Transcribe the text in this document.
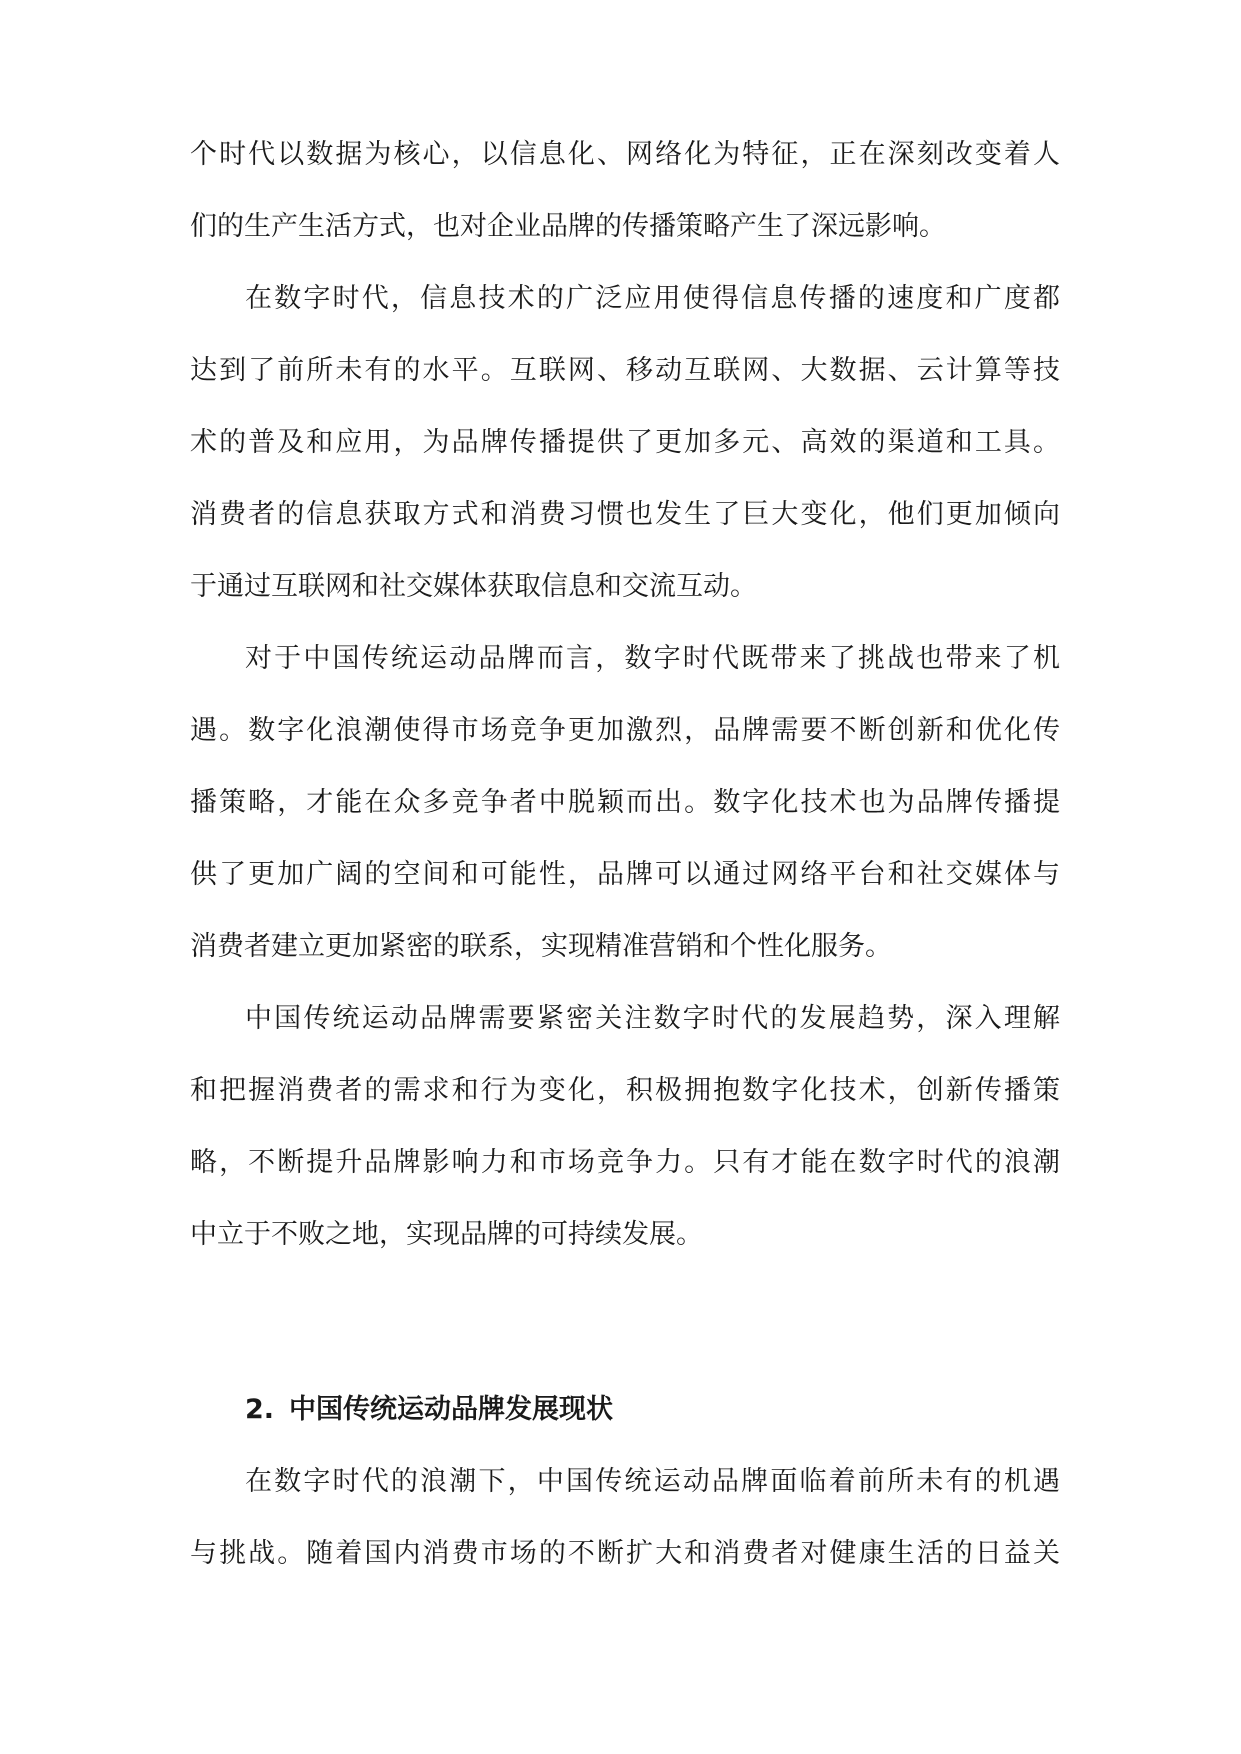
个时代以数据为核心，以信息化、网络化为特征，正在深刻改变着人

们的生产生活方式，也对企业品牌的传播策略产生了深远影响。

在数字时代，信息技术的广泛应用使得信息传播的速度和广度都

达到了前所未有的水平。互联网、移动互联网、大数据、云计算等技

术的普及和应用，为品牌传播提供了更加多元、高效的渠道和工具。

消费者的信息获取方式和消费习惯也发生了巨大变化，他们更加倾向

于通过互联网和社交媒体获取信息和交流互动。

对于中国传统运动品牌而言，数字时代既带来了挑战也带来了机

遇。数字化浪潮使得市场竞争更加激烈，品牌需要不断创新和优化传

播策略，才能在众多竞争者中脱颖而出。数字化技术也为品牌传播提

供了更加广阔的空间和可能性，品牌可以通过网络平台和社交媒体与

消费者建立更加紧密的联系，实现精准营销和个性化服务。

中国传统运动品牌需要紧密关注数字时代的发展趋势，深入理解

和把握消费者的需求和行为变化，积极拥抱数字化技术，创新传播策

略，不断提升品牌影响力和市场竞争力。只有才能在数字时代的浪潮

中立于不败之地，实现品牌的可持续发展。

2. 中国传统运动品牌发展现状

在数字时代的浪潮下，中国传统运动品牌面临着前所未有的机遇

与挑战。随着国内消费市场的不断扩大和消费者对健康生活的日益关
